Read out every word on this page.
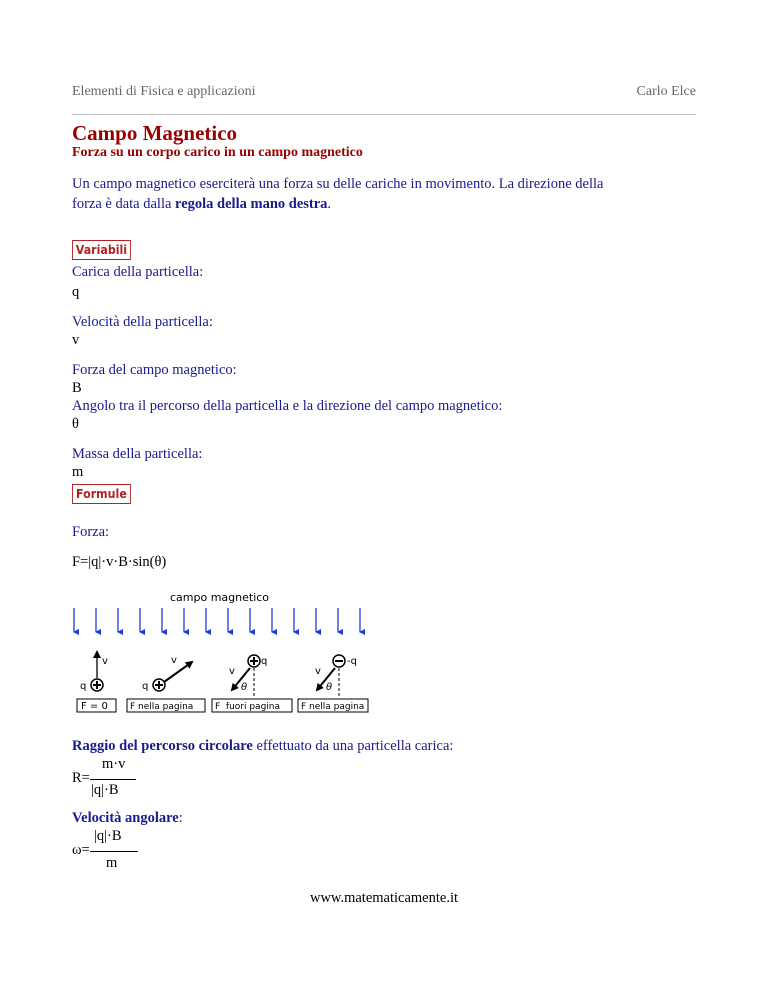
Elementi di Fisica e applicazioni	Carlo Elce
Campo Magnetico
Forza su un corpo carico in un campo magnetico
Un campo magnetico eserciterà una forza su delle cariche in movimento. La direzione della
forza è data dalla regola della mano destra.
Variabili
Carica della particella:
q
Velocità della particella:
v
Forza del campo magnetico:
B
Angolo tra il percorso della particella e la direzione del campo magnetico:
θ
Massa della particella:
m
Formule
Forza:
F=|q|·v·B·sin(θ)
campo magnetico
v
q
F = 0
v
q
F nella pagina
q
v
θ
F  fuori pagina
-q
v
θ
F nella pagina
Raggio del percorso circolare effettuato da una particella carica:
R=
m·v
|q|·B
Velocità angolare:
ω=
|q|·B
m
www.matematicamente.it
